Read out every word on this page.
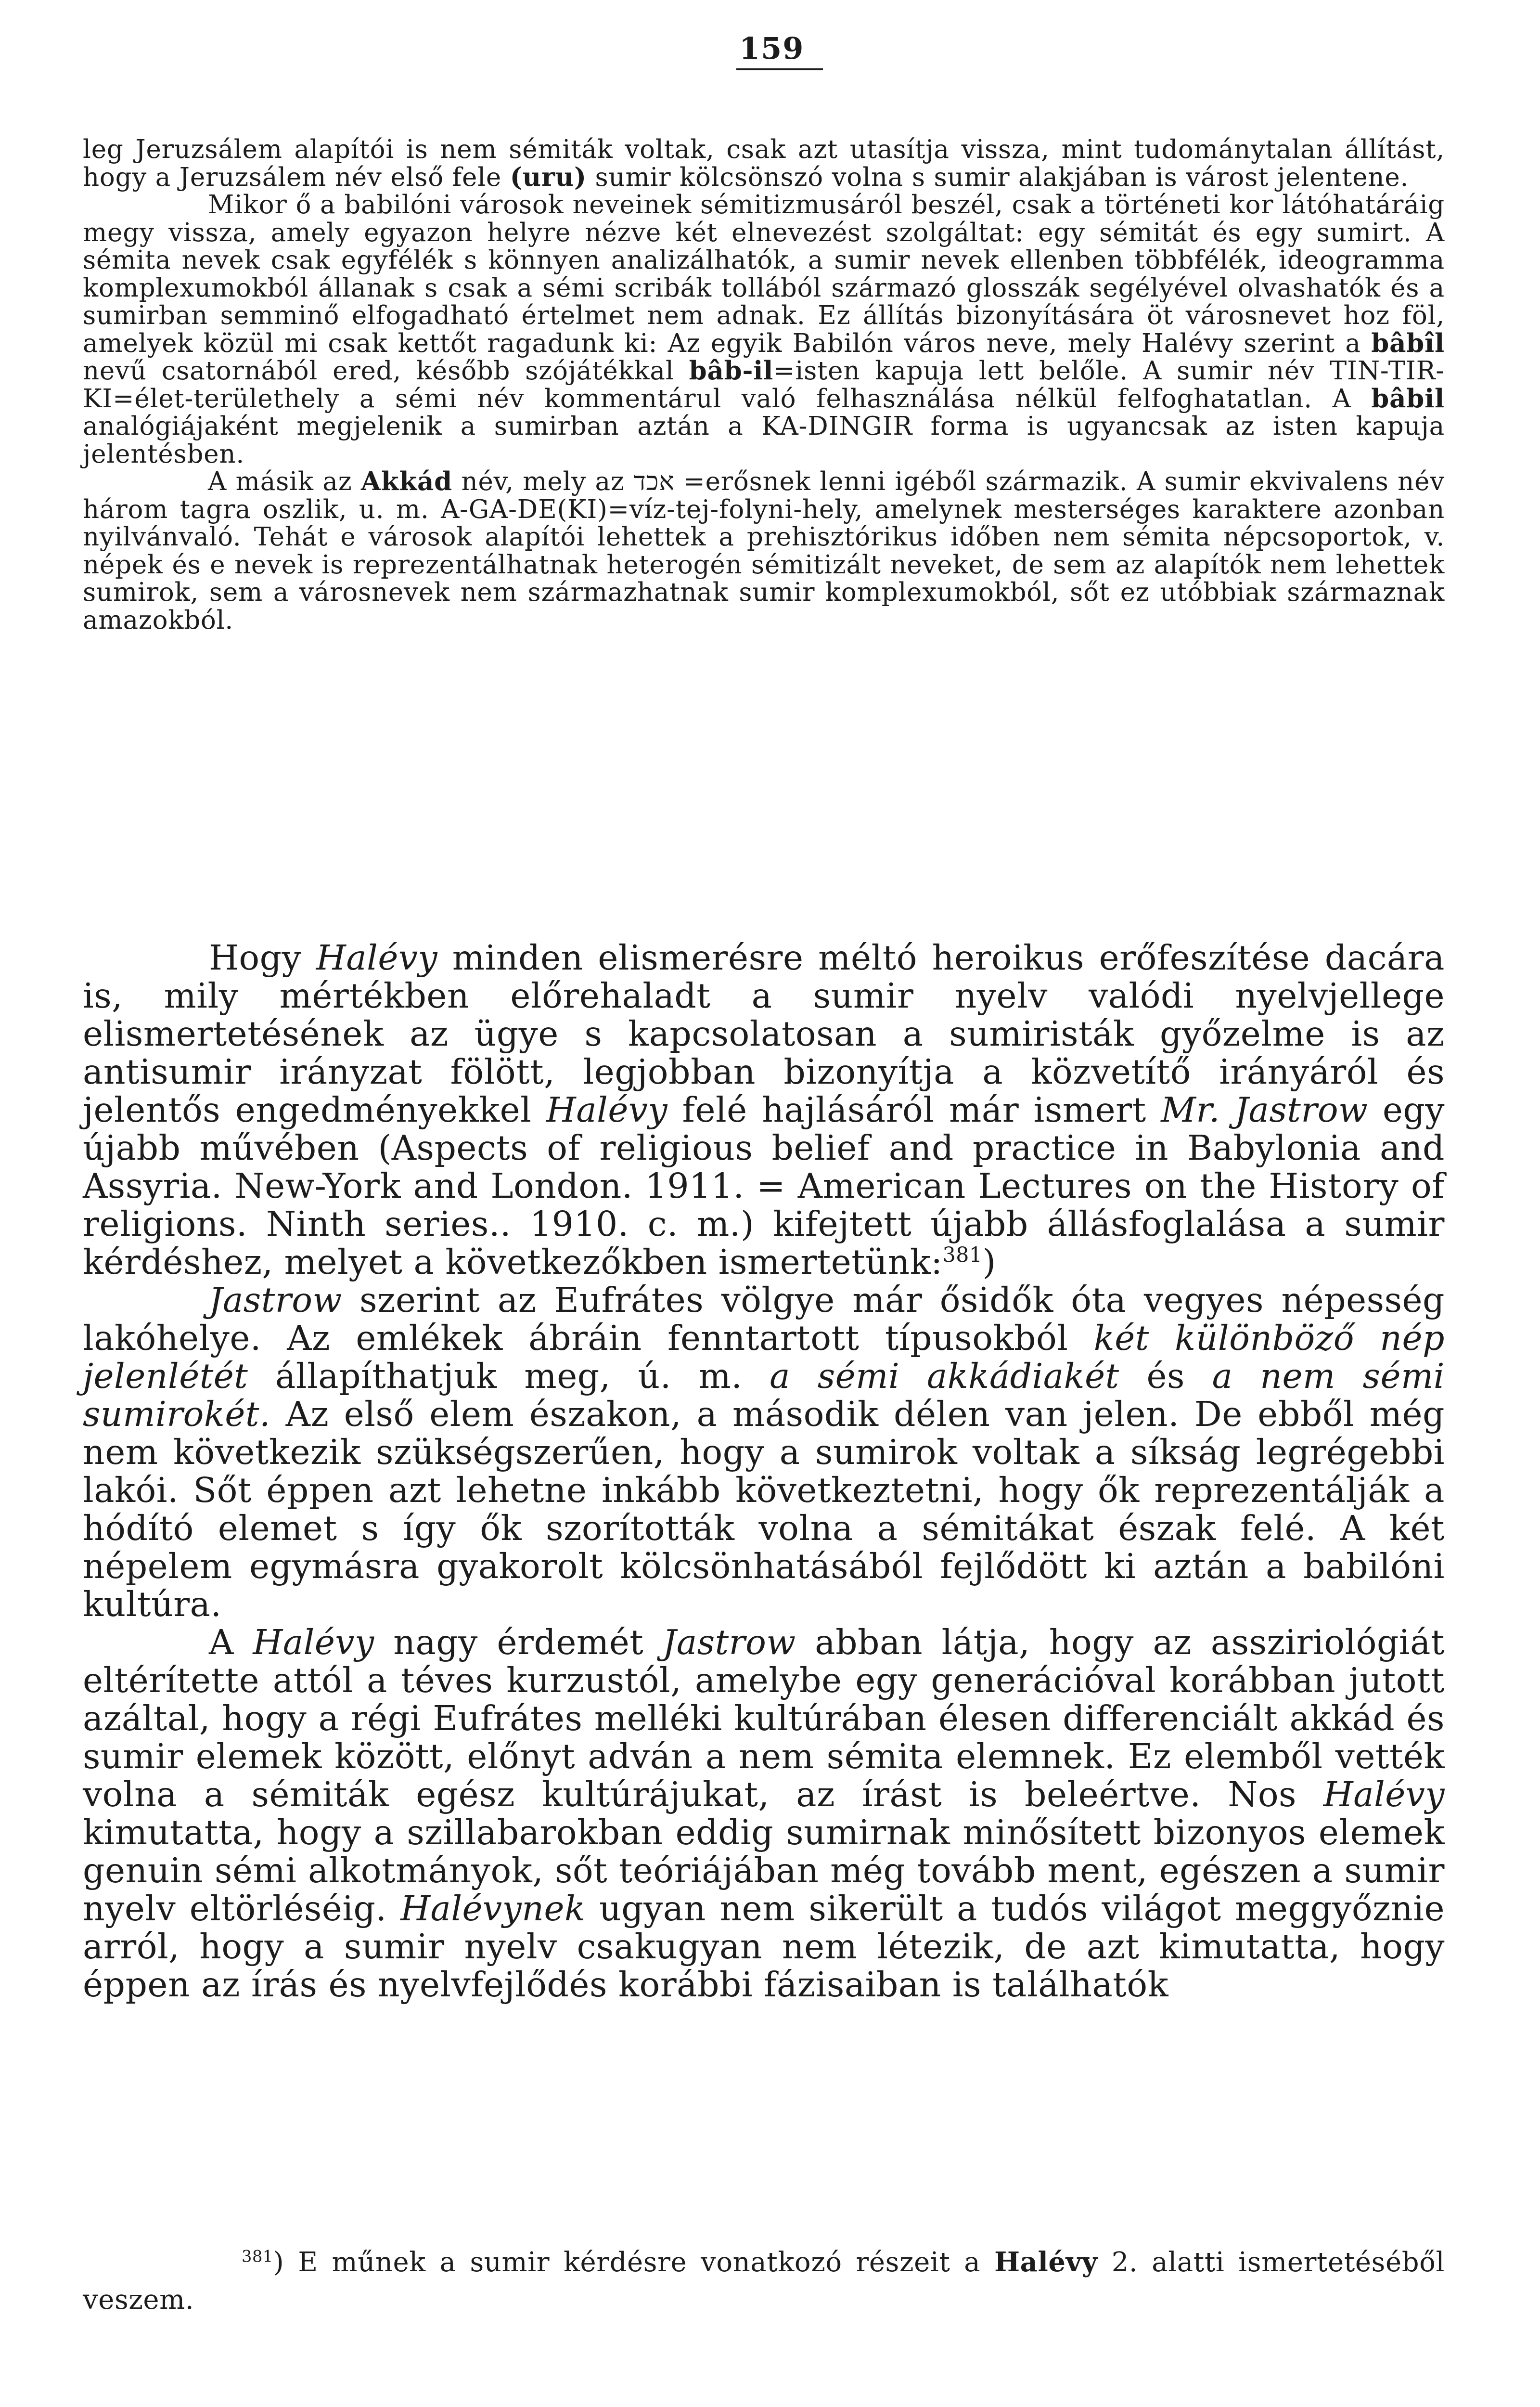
159

leg Jeruzsálem alapítói is nem sémiták voltak, csak azt utasítja vissza, mint tudománytalan állítást, hogy a Jeruzsálem név első fele (uru) sumir kölcsönszó volna s sumir alakjában is várost jelentene.

Mikor ő a babilóni városok neveinek sémitizmusáról beszél, csak a történeti kor látóhatáráig megy vissza, amely egyazon helyre nézve két elnevezést szolgáltat: egy sémitát és egy sumirt. A sémita nevek csak egyfélék s könnyen analizálhatók, a sumir nevek ellenben többfélék, ideogramma komplexumokból állanak s csak a sémi scribák tollából származó glosszák segélyével olvashatók és a sumirban semminő elfogadható értelmet nem adnak. Ez állítás bizonyítására öt városnevet hoz föl, amelyek közül mi csak kettőt ragadunk ki: Az egyik Babilón város neve, mely Halévy szerint a bâbîl nevű csatornából ered, később szójátékkal bâb-il=isten kapuja lett belőle. A sumir név TIN-TIR-KI=élet-területhely a sémi név kommentárul való felhasználása nélkül felfoghatatlan. A bâbil analógiájaként megjelenik a sumirban aztán a KA-DINGIR forma is ugyancsak az isten kapuja jelentésben.

A másik az Akkád név, mely az אכד =erősnek lenni igéből származik. A sumir ekvivalens név három tagra oszlik, u. m. A-GA-DE(KI)=víz-tej-folyni-hely, amelynek mesterséges karaktere azonban nyilvánvaló. Tehát e városok alapítói lehettek a prehisztórikus időben nem sémita népcsoportok, v. népek és e nevek is reprezentálhatnak heterogén sémitizált neveket, de sem az alapítók nem lehettek sumirok, sem a városnevek nem származhatnak sumir komplexumokból, sőt ez utóbbiak származnak amazokból.

Hogy Halévy minden elismerésre méltó heroikus erőfeszítése dacára is, mily mértékben előrehaladt a sumir nyelv valódi nyelvjellege elismertetésének az ügye s kapcsolatosan a sumiristák győzelme is az antisumir irányzat fölött, legjobban bizonyítja a közvetítő irányáról és jelentős engedményekkel Halévy felé hajlásáról már ismert Mr. Jastrow egy újabb művében (Aspects of religious belief and practice in Babylonia and Assyria. New-York and London. 1911. = American Lectures on the History of religions. Ninth series.. 1910. c. m.) kifejtett újabb állásfoglalása a sumir kérdéshez, melyet a következőkben ismertetünk:$^{381}$)

Jastrow szerint az Eufrátes völgye már ősidők óta vegyes népesség lakóhelye. Az emlékek ábráin fenntartott típusokból két különböző nép jelenlétét állapíthatjuk meg, ú. m. a sémi akkádiakét és a nem sémi sumirokét. Az első elem északon, a második délen van jelen. De ebből még nem következik szükségszerűen, hogy a sumirok voltak a síkság legrégebbi lakói. Sőt éppen azt lehetne inkább következtetni, hogy ők reprezentálják a hódító elemet s így ők szorították volna a sémitákat észak felé. A két népelem egymásra gyakorolt kölcsönhatásából fejlődött ki aztán a babilóni kultúra.

A Halévy nagy érdemét Jastrow abban látja, hogy az assziriológiát eltérítette attól a téves kurzustól, amelybe egy generációval korábban jutott azáltal, hogy a régi Eufrátes melléki kultúrában élesen differenciált akkád és sumir elemek között, előnyt adván a nem sémita elemnek. Ez elemből vették volna a sémiták egész kultúrájukat, az írást is beleértve. Nos Halévy kimutatta, hogy a szillabarokban eddig sumirnak minősített bizonyos elemek genuin sémi alkotmányok, sőt teóriájában még tovább ment, egészen a sumir nyelv eltörléséig. Halévynek ugyan nem sikerült a tudós világot meggyőznie arról, hogy a sumir nyelv csakugyan nem létezik, de azt kimutatta, hogy éppen az írás és nyelvfejlődés korábbi fázisaiban is találhatók

$^{381}$) E műnek a sumir kérdésre vonatkozó részeit a Halévy 2. alatti ismertetéséből veszem.
